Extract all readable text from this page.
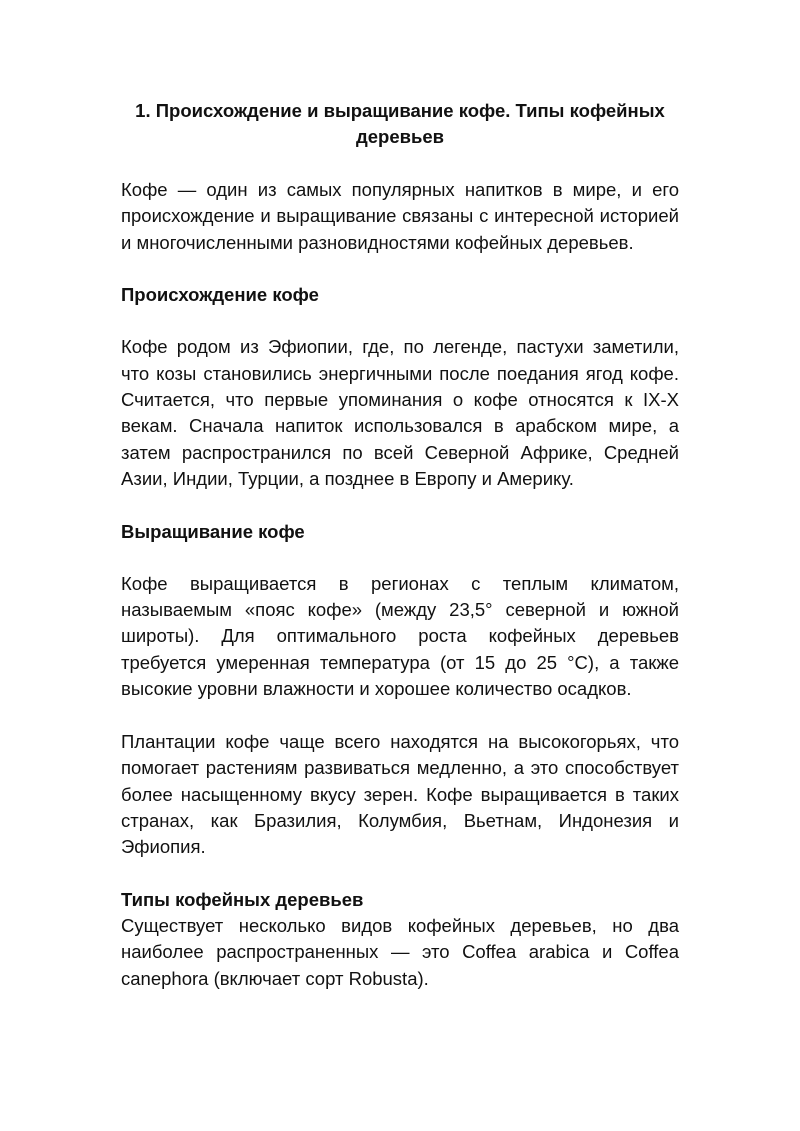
1. Происхождение и выращивание кофе. Типы кофейных деревьев

Кофе — один из самых популярных напитков в мире, и его происхождение и выращивание связаны с интересной историей и многочисленными разновидностями кофейных деревьев.

Происхождение кофе

Кофе родом из Эфиопии, где, по легенде, пастухи заметили, что козы становились энергичными после поедания ягод кофе. Считается, что первые упоминания о кофе относятся к IX-X векам. Сначала напиток использовался в арабском мире, а затем распространился по всей Северной Африке, Средней Азии, Индии, Турции, а позднее в Европу и Америку.

Выращивание кофе

Кофе выращивается в регионах с теплым климатом, называемым «пояс кофе» (между 23,5° северной и южной широты). Для оптимального роста кофейных деревьев требуется умеренная температура (от 15 до 25 °C), а также высокие уровни влажности и хорошее количество осадков.

Плантации кофе чаще всего находятся на высокогорьях, что помогает растениям развиваться медленно, а это способствует более насыщенному вкусу зерен. Кофе выращивается в таких странах, как Бразилия, Колумбия, Вьетнам, Индонезия и Эфиопия.

Типы кофейных деревьев

Существует несколько видов кофейных деревьев, но два наиболее распространенных — это Coffea arabica и Coffea canephora (включает сорт Robusta).
